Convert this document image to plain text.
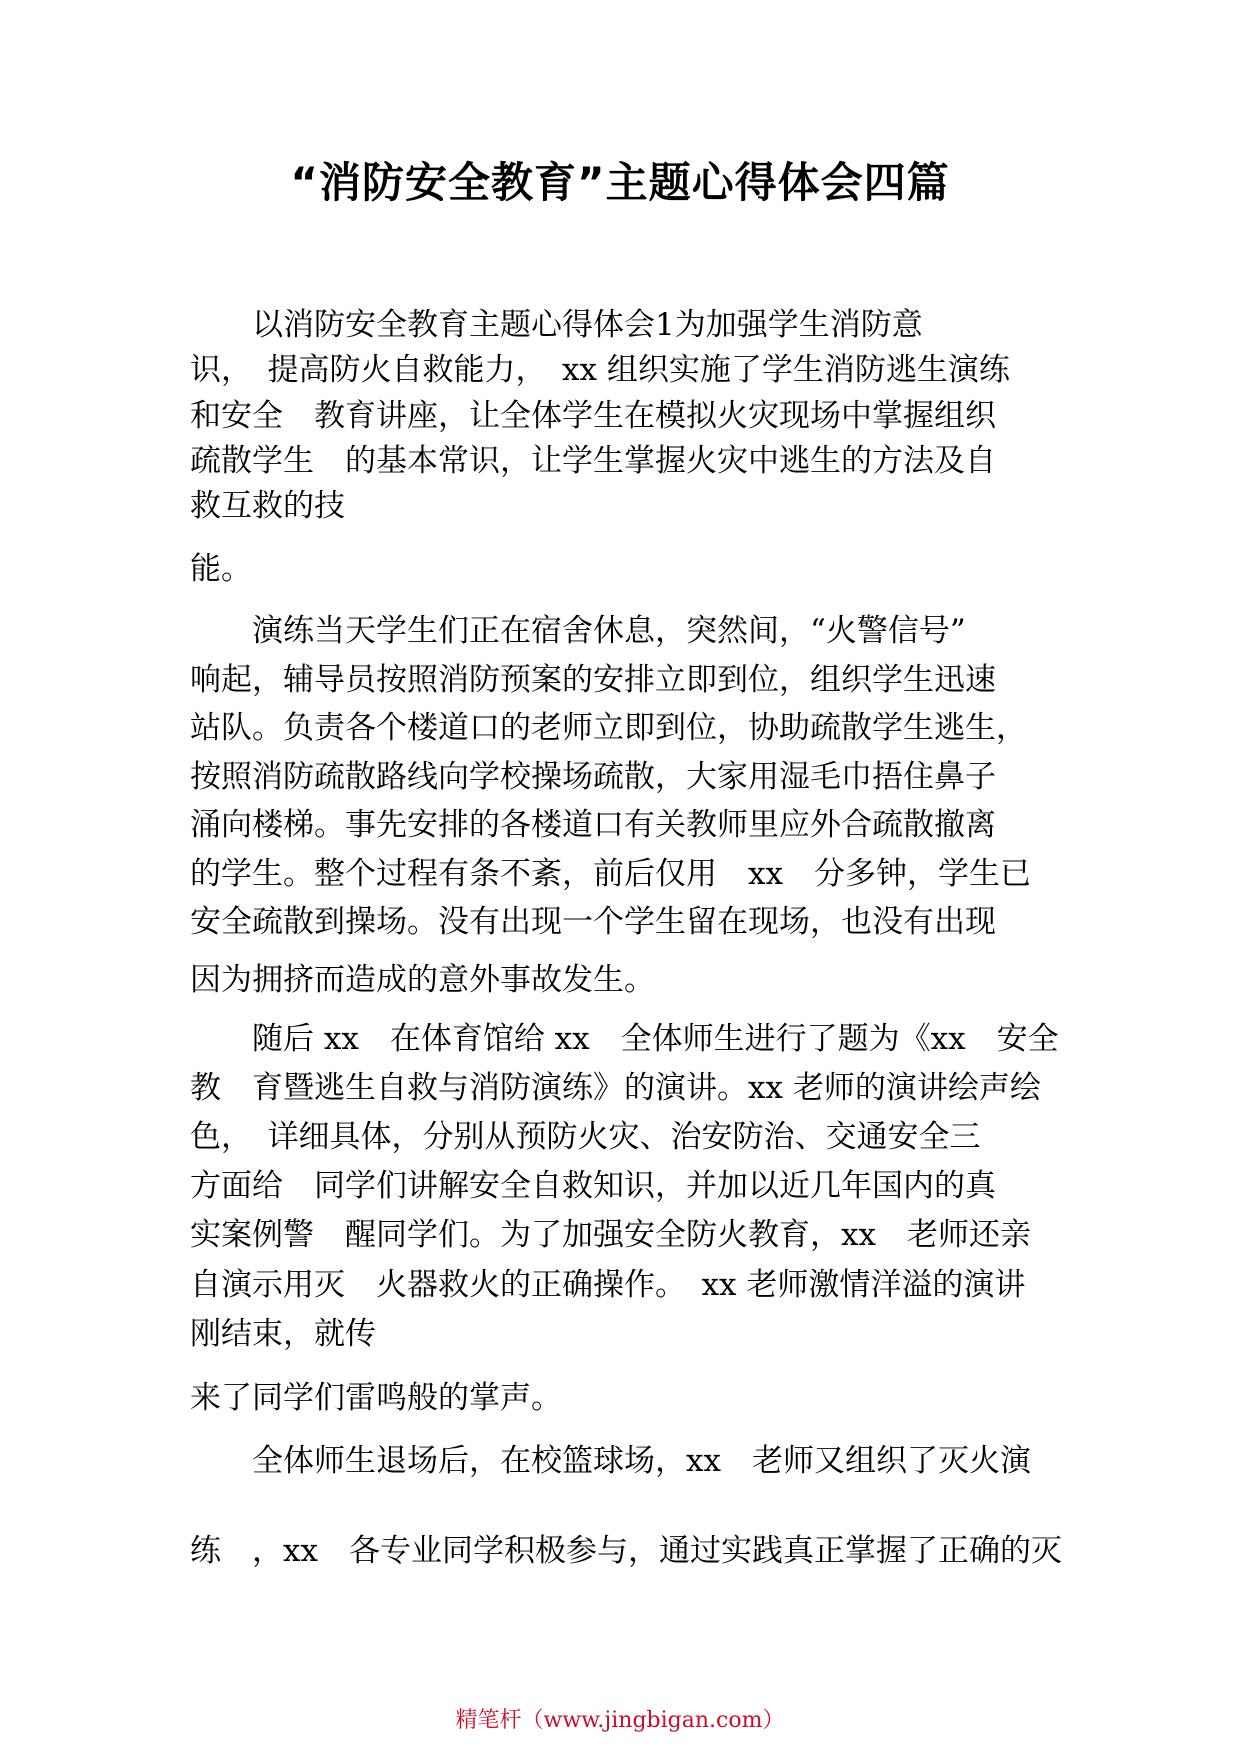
“消防安全教育”主题心得体会四篇
　　以消防安全教育主题心得体会1为加强学生消防意
识，　提高防火自救能力，　xx 组织实施了学生消防逃生演练
和安全　教育讲座，让全体学生在模拟火灾现场中掌握组织
疏散学生　的基本常识，让学生掌握火灾中逃生的方法及自
救互救的技
能。
　　演练当天学生们正在宿舍休息，突然间，“火警信号”
响起，辅导员按照消防预案的安排立即到位，组织学生迅速
站队。负责各个楼道口的老师立即到位，协助疏散学生逃生，
按照消防疏散路线向学校操场疏散，大家用湿毛巾捂住鼻子
涌向楼梯。事先安排的各楼道口有关教师里应外合疏散撤离
的学生。整个过程有条不紊，前后仅用　xx　分多钟，学生已
安全疏散到操场。没有出现一个学生留在现场，也没有出现
因为拥挤而造成的意外事故发生。
　　随后 xx　在体育馆给 xx　全体师生进行了题为《xx　安全
教　育暨逃生自救与消防演练》的演讲。xx 老师的演讲绘声绘
色，　详细具体，分别从预防火灾、治安防治、交通安全三
方面给　同学们讲解安全自救知识，并加以近几年国内的真
实案例警　醒同学们。为了加强安全防火教育，xx　老师还亲
自演示用灭　火器救火的正确操作。　xx 老师激情洋溢的演讲
刚结束，就传
来了同学们雷鸣般的掌声。
　　全体师生退场后，在校篮球场，xx　老师又组织了灭火演
练　，xx　各专业同学积极参与，通过实践真正掌握了正确的灭
精笔杆（www.jingbigan.com）
